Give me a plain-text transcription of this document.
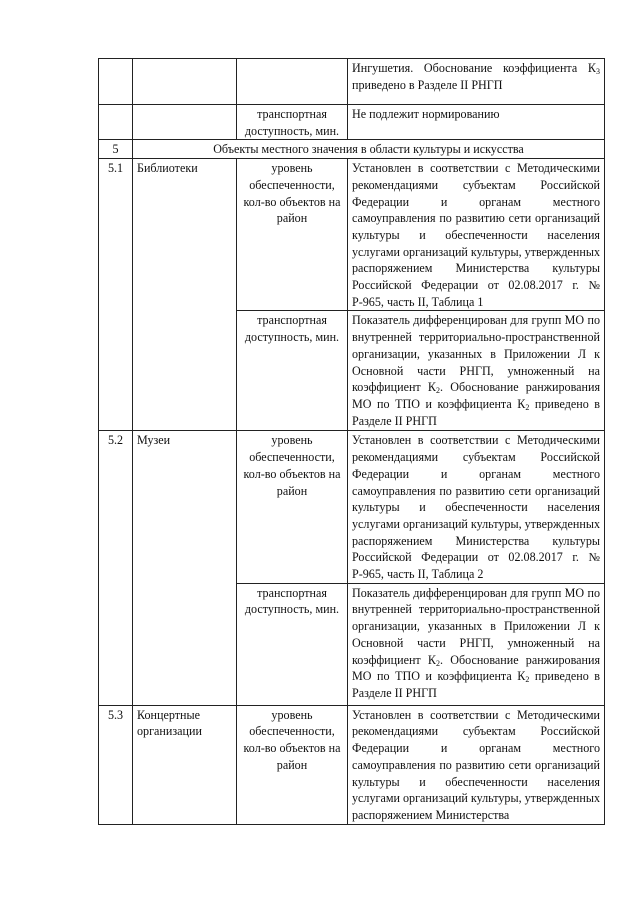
			Ингушетия. Обоснование коэффициента $К_3$ приведено в Разделе II РНГП
		транспортная доступность, мин.	Не подлежит нормированию
5	Объекты местного значения в области культуры и искусства		
5.1	Библиотеки	уровень обеспеченности, кол-во объектов на район	Установлен в соответствии с Методическими рекомендациями субъектам Российской Федерации и органам местного самоуправления по развитию сети организаций культуры и обеспеченности населения услугами организаций культуры, утвержденных распоряжением Министерства культуры Российской Федерации от 02.08.2017 г. № Р-965, часть II, Таблица 1
		транспортная доступность, мин.	Показатель дифференцирован для групп МО по внутренней территориально-пространственной организации, указанных в Приложении Л к Основной части РНГП, умноженный на коэффициент $К_2$. Обоснование ранжирования МО по ТПО и коэффициента $К_2$ приведено в Разделе II РНГП
5.2	Музеи	уровень обеспеченности, кол-во объектов на район	Установлен в соответствии с Методическими рекомендациями субъектам Российской Федерации и органам местного самоуправления по развитию сети организаций культуры и обеспеченности населения услугами организаций культуры, утвержденных распоряжением Министерства культуры Российской Федерации от 02.08.2017 г. № Р-965, часть II, Таблица 2
		транспортная доступность, мин.	Показатель дифференцирован для групп МО по внутренней территориально-пространственной организации, указанных в Приложении Л к Основной части РНГП, умноженный на коэффициент $К_2$. Обоснование ранжирования МО по ТПО и коэффициента $К_2$ приведено в Разделе II РНГП
5.3	Концертные организации	уровень обеспеченности, кол-во объектов на район	Установлен в соответствии с Методическими рекомендациями субъектам Российской Федерации и органам местного самоуправления по развитию сети организаций культуры и обеспеченности населения услугами организаций культуры, утвержденных распоряжением Министерства
